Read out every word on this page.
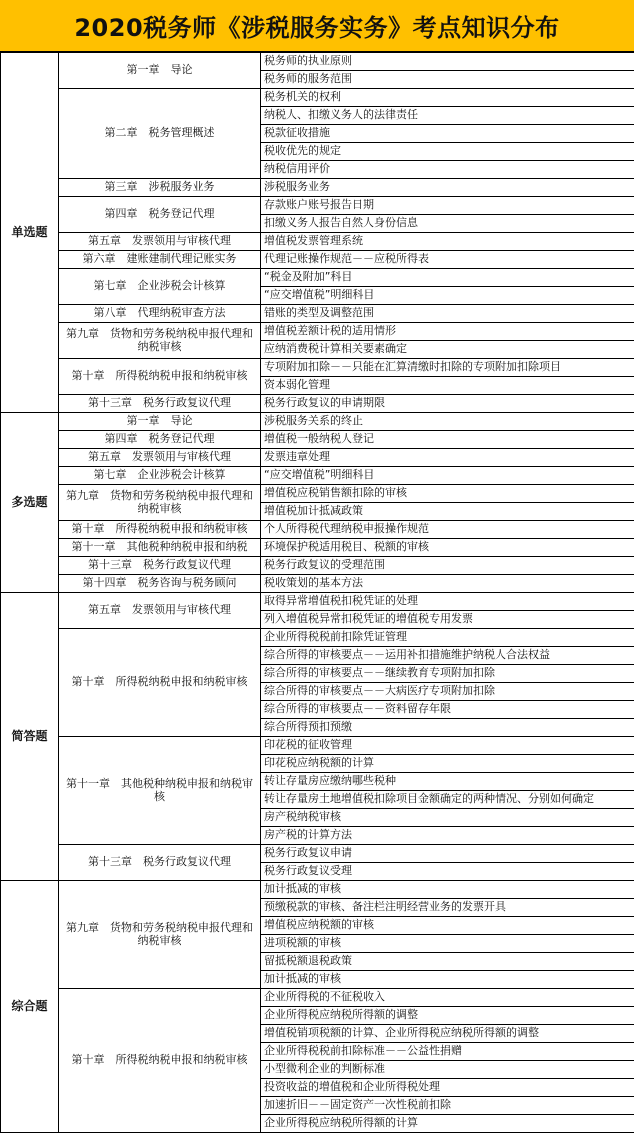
2020税务师《涉税服务实务》考点知识分布
单选题	第一章　导论	税务师的执业原则
		税务师的服务范围
	第二章　税务管理概述	税务机关的权利
		纳税人、扣缴义务人的法律责任
		税款征收措施
		税收优先的规定
		纳税信用评价
	第三章　涉税服务业务	涉税服务业务
	第四章　税务登记代理	存款账户账号报告日期
		扣缴义务人报告自然人身份信息
	第五章　发票领用与审核代理	增值税发票管理系统
	第六章　建账建制代理记账实务	代理记账操作规范－－应税所得表
	第七章　企业涉税会计核算	“税金及附加”科目
		“应交增值税”明细科目
	第八章　代理纳税审查方法	错账的类型及调整范围
	第九章　货物和劳务税纳税申报代理和纳税审核	增值税差额计税的适用情形
		应纳消费税计算相关要素确定
	第十章　所得税纳税申报和纳税审核	专项附加扣除－－只能在汇算清缴时扣除的专项附加扣除项目
		资本弱化管理
	第十三章　税务行政复议代理	税务行政复议的申请期限
多选题	第一章　导论	涉税服务关系的终止
	第四章　税务登记代理	增值税一般纳税人登记
	第五章　发票领用与审核代理	发票违章处理
	第七章　企业涉税会计核算	“应交增值税”明细科目
	第九章　货物和劳务税纳税申报代理和纳税审核	增值税应税销售额扣除的审核
		增值税加计抵减政策
	第十章　所得税纳税申报和纳税审核	个人所得税代理纳税申报操作规范
	第十一章　其他税种纳税申报和纳税	环境保护税适用税目、税额的审核
	第十三章　税务行政复议代理	税务行政复议的受理范围
	第十四章　税务咨询与税务顾问	税收策划的基本方法
简答题	第五章　发票领用与审核代理	取得异常增值税扣税凭证的处理
		列入增值税异常扣税凭证的增值税专用发票
	第十章　所得税纳税申报和纳税审核	企业所得税税前扣除凭证管理
		综合所得的审核要点－－运用补扣措施维护纳税人合法权益
		综合所得的审核要点－－继续教育专项附加扣除
		综合所得的审核要点－－大病医疗专项附加扣除
		综合所得的审核要点－－资料留存年限
		综合所得预扣预缴
	第十一章　其他税种纳税申报和纳税审核	印花税的征收管理
		印花税应纳税额的计算
		转让存量房应缴纳哪些税种
		转让存量房土地增值税扣除项目金额确定的两种情况、分别如何确定
		房产税纳税审核
		房产税的计算方法
	第十三章　税务行政复议代理	税务行政复议申请
		税务行政复议受理
综合题	第九章　货物和劳务税纳税申报代理和纳税审核	加计抵减的审核
		预缴税款的审核、备注栏注明经营业务的发票开具
		增值税应纳税额的审核
		进项税额的审核
		留抵税额退税政策
		加计抵减的审核
	第十章　所得税纳税申报和纳税审核	企业所得税的不征税收入
		企业所得税应纳税所得额的调整
		增值税销项税额的计算、企业所得税应纳税所得额的调整
		企业所得税税前扣除标准－－公益性捐赠
		小型微利企业的判断标准
		投资收益的增值税和企业所得税处理
		加速折旧－－固定资产一次性税前扣除
		企业所得税应纳税所得额的计算
